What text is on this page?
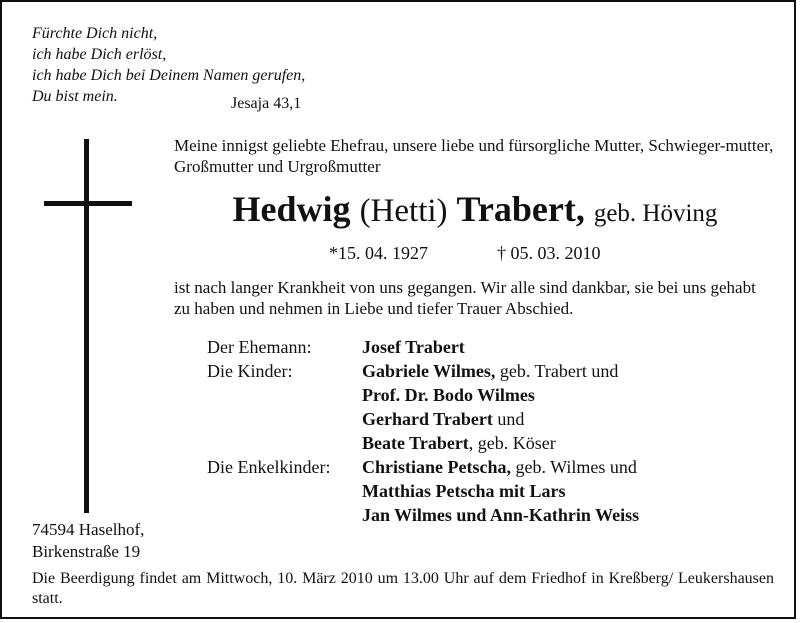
Fürchte Dich nicht,
ich habe Dich erlöst,
ich habe Dich bei Deinem Namen gerufen,
Du bist mein.	Jesaja 43,1
Meine innigst geliebte Ehefrau, unsere liebe und fürsorgliche Mutter, Schwieger-mutter, Großmutter und Urgroßmutter
Hedwig (Hetti) Trabert, geb. Höving
*15. 04. 1927	† 05. 03. 2010
ist nach langer Krankheit von uns gegangen. Wir alle sind dankbar, sie bei uns gehabt zu haben und nehmen in Liebe und tiefer Trauer Abschied.
Der Ehemann:	Josef Trabert
Die Kinder:	Gabriele Wilmes, geb. Trabert und
Prof. Dr. Bodo Wilmes
Gerhard Trabert und
Beate Trabert, geb. Köser
Die Enkelkinder: Christiane Petscha, geb. Wilmes und
Matthias Petscha mit Lars
Jan Wilmes und Ann-Kathrin Weiss
74594 Haselhof,
Birkenstraße 19
Die Beerdigung findet am Mittwoch, 10. März 2010 um 13.00 Uhr auf dem Friedhof in Kreßberg/ Leukershausen statt.
